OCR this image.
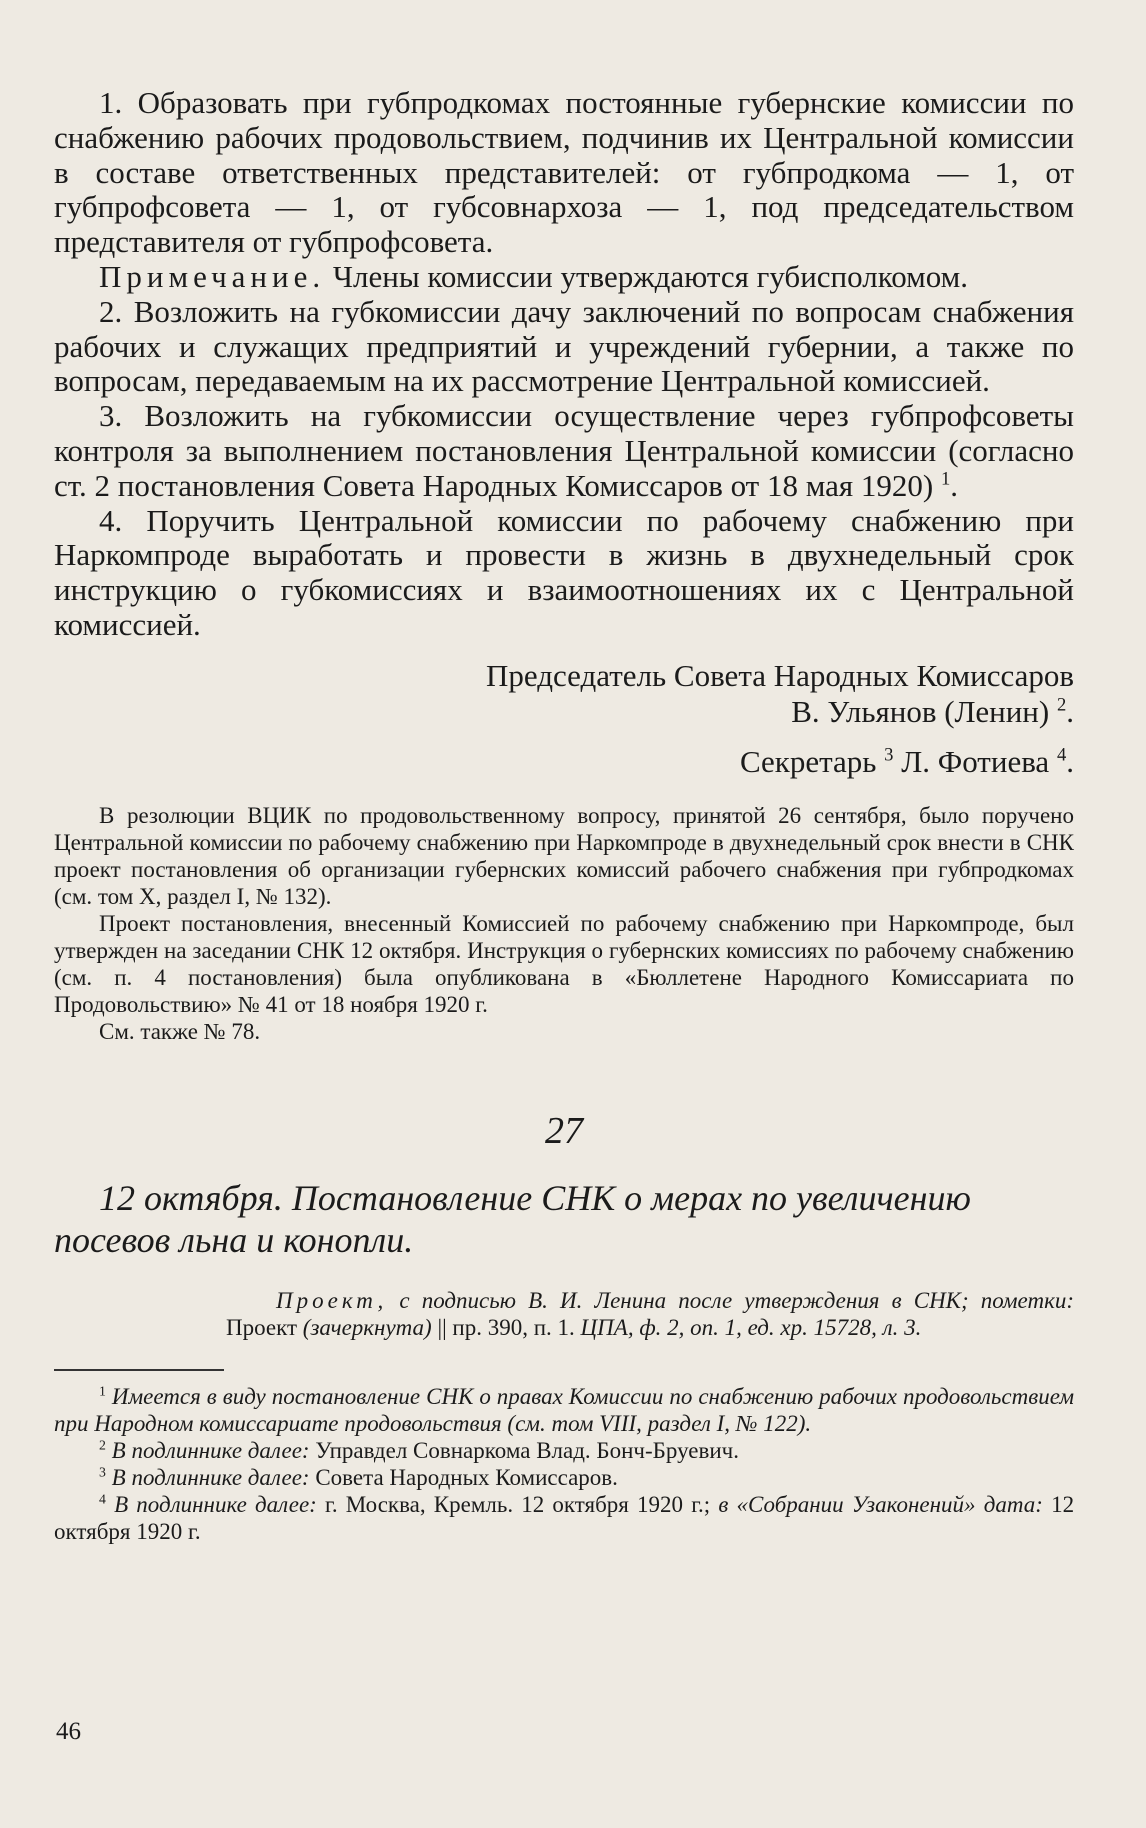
1. Образовать при губпродкомах постоянные губернские комиссии по снабжению рабочих продовольствием, подчинив их Центральной комиссии в составе ответственных представителей: от губпродкома — 1, от губпрофсовета — 1, от губсовнархоза — 1, под председательством представителя от губпрофсовета.

Примечание. Члены комиссии утверждаются губисполкомом.

2. Возложить на губкомиссии дачу заключений по вопросам снабжения рабочих и служащих предприятий и учреждений губернии, а также по вопросам, передаваемым на их рассмотрение Центральной комиссией.

3. Возложить на губкомиссии осуществление через губпрофсоветы контроля за выполнением постановления Центральной комиссии (согласно ст. 2 постановления Совета Народных Комиссаров от 18 мая 1920) $^1$.

4. Поручить Центральной комиссии по рабочему снабжению при Наркомпроде выработать и провести в жизнь в двухнедельный срок инструкцию о губкомиссиях и взаимоотношениях их с Центральной комиссией.

Председатель Совета Народных Комиссаров
В. Ульянов (Ленин) $^2$.
Секретарь $^3$ Л. Фотиева $^4$.

В резолюции ВЦИК по продовольственному вопросу, принятой 26 сентября, было поручено Центральной комиссии по рабочему снабжению при Наркомпроде в двухнедельный срок внести в СНК проект постановления об организации губернских комиссий рабочего снабжения при губпродкомах (см. том X, раздел I, № 132).

Проект постановления, внесенный Комиссией по рабочему снабжению при Наркомпроде, был утвержден на заседании СНК 12 октября. Инструкция о губернских комиссиях по рабочему снабжению (см. п. 4 постановления) была опубликована в «Бюллетене Народного Комиссариата по Продовольствию» № 41 от 18 ноября 1920 г.

См. также № 78.

27
12 октября. Постановление СНК о мерах по увеличению посевов льна и конопли.
Проект, с подписью В. И. Ленина после утверждения в СНК; пометки: Проект (зачеркнута) || пр. 390, п. 1. ЦПА, ф. 2, оп. 1, ед. хр. 15728, л. 3.

$^1$ Имеется в виду постановление СНК о правах Комиссии по снабжению рабочих продовольствием при Народном комиссариате продовольствия (см. том VIII, раздел I, № 122).

$^2$ В подлиннике далее: Управдел Совнаркома Влад. Бонч-Бруевич.

$^3$ В подлиннике далее: Совета Народных Комиссаров.

$^4$ В подлиннике далее: г. Москва, Кремль. 12 октября 1920 г.; в «Собрании Узаконений» дата: 12 октября 1920 г.

46
